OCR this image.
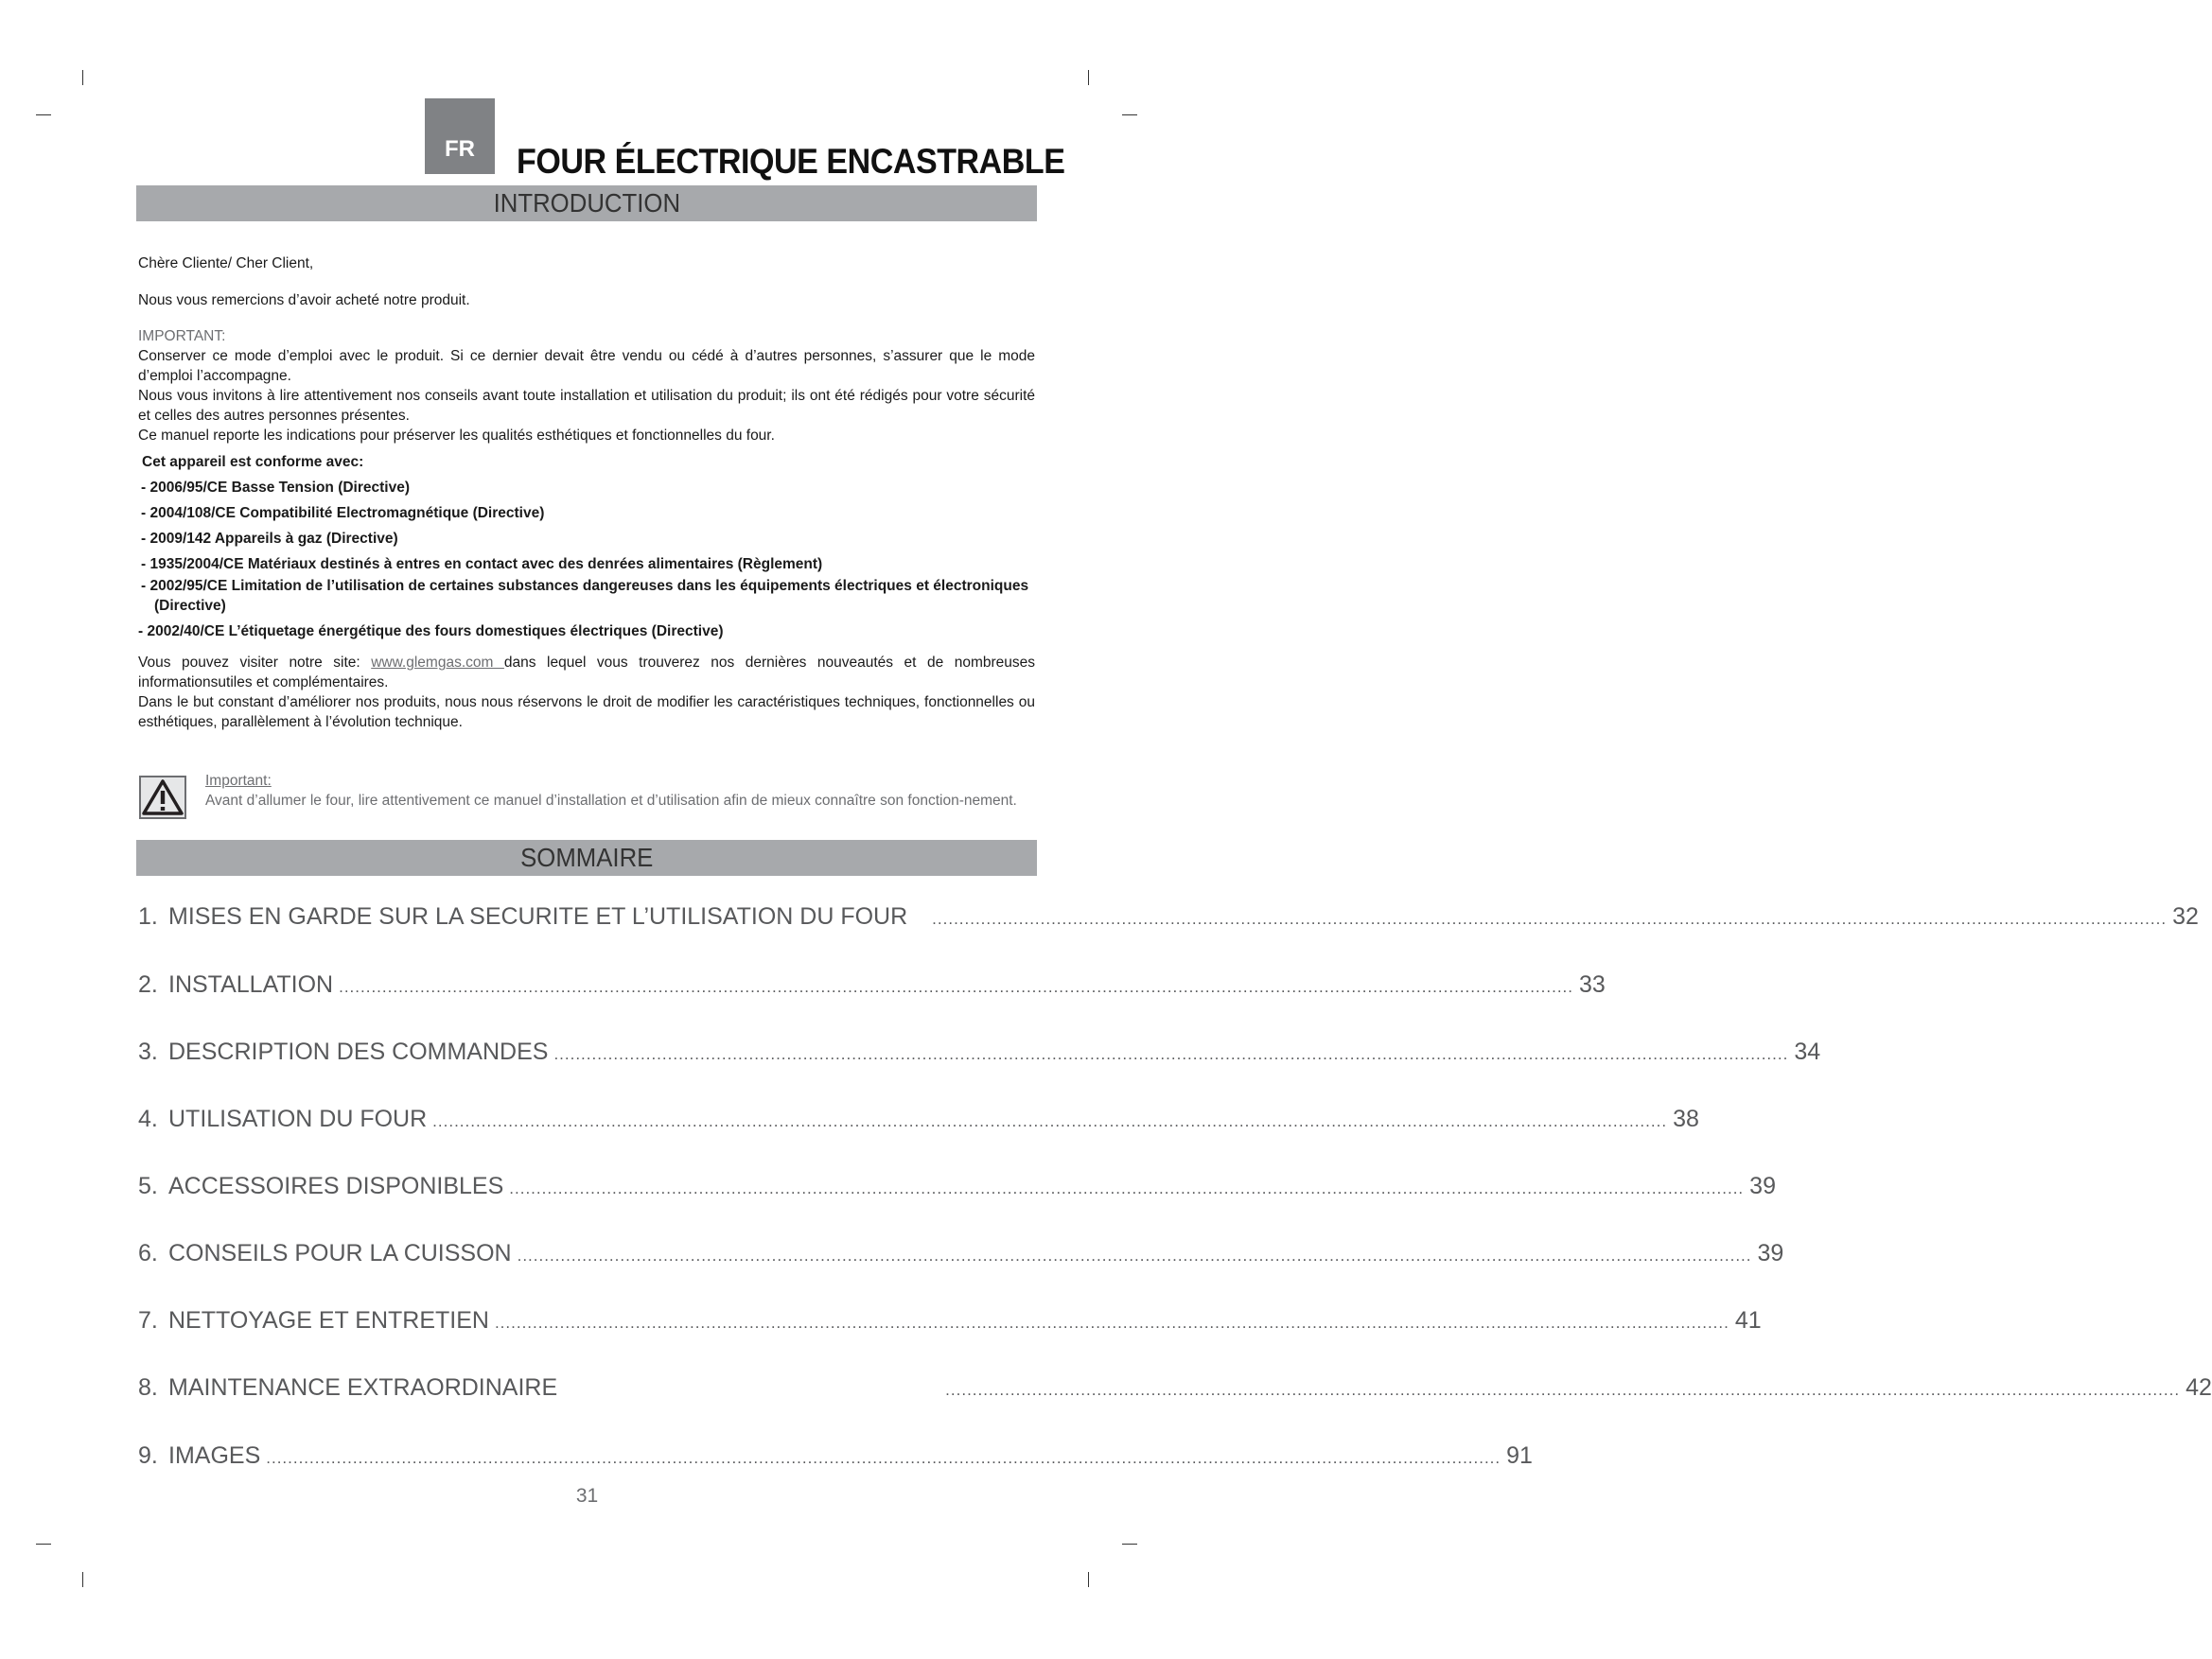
FR FOUR ÉLECTRIQUE ENCASTRABLE
INTRODUCTION

Chère Cliente/ Cher Client,

Nous vous remercions d’avoir acheté notre produit.

IMPORTANT:

Conserver ce mode d’emploi avec le produit. Si ce dernier devait être vendu ou cédé à d’autres personnes, s’assurer que le mode d’emploi l’accompagne.

Nous vous invitons à lire attentivement nos conseils avant toute installation et utilisation du produit; ils ont été rédigés pour votre sécurité et celles des autres personnes présentes.

Ce manuel reporte les indications pour préserver les qualités esthétiques et fonctionnelles du four.

Cet appareil est conforme avec:

- 2006/95/CE Basse Tension (Directive)

- 2004/108/CE Compatibilité Electromagnétique (Directive)

- 2009/142 Appareils à gaz (Directive)

- 1935/2004/CE Matériaux destinés à entres en contact avec des denrées alimentaires (Règlement)

- 2002/95/CE Limitation de l’utilisation de certaines substances dangereuses dans les équipements électriques et électroniques

(Directive)

- 2002/40/CE L’étiquetage énergétique des fours domestiques électriques (Directive)

Vous pouvez visiter notre site: www.glemgas.com dans lequel vous trouverez nos dernières nouveautés et de nombreuses informationsutiles et complémentaires.

Dans le but constant d’améliorer nos produits, nous nous réservons le droit de modifier les caractéristiques techniques, fonctionnelles ou esthétiques, parallèlement à l’évolution technique.

Important:

Avant d’allumer le four, lire attentivement ce manuel d’installation et d’utilisation afin de mieux connaître son fonction-nement.

SOMMAIRE
1. MISES EN GARDE SUR LA SECURITE ET L’UTILISATION DU FOUR .................................................................................................................................................................................................................................... 32
2. INSTALLATION .................................................................................................................................................................................................................................... 33
3. DESCRIPTION DES COMMANDES .................................................................................................................................................................................................................................... 34
4. UTILISATION DU FOUR .................................................................................................................................................................................................................................... 38
5. ACCESSOIRES DISPONIBLES .................................................................................................................................................................................................................................... 39
6. CONSEILS POUR LA CUISSON .................................................................................................................................................................................................................................... 39
7. NETTOYAGE ET ENTRETIEN .................................................................................................................................................................................................................................... 41
8. MAINTENANCE EXTRAORDINAIRE	.................................................................................................................................................................................................................................... 42
9. IMAGES .................................................................................................................................................................................................................................... 91
31
